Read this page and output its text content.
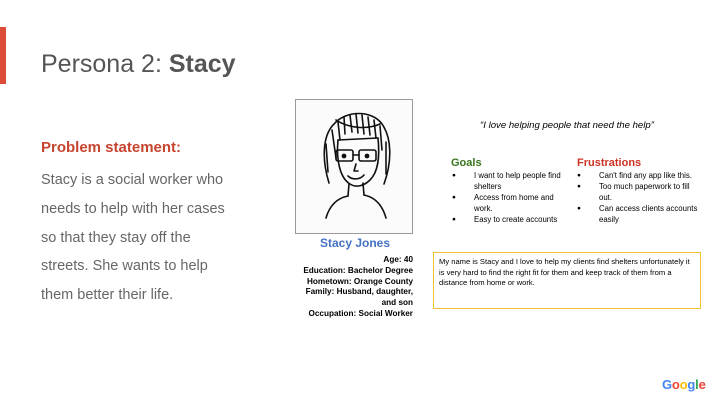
Persona 2: Stacy
Problem statement:
Stacy is a social worker who needs to help with her cases so that they stay off the streets. She wants to help them better their life.
Stacy Jones
Age: 40
Education: Bachelor Degree
Hometown: Orange County
Family: Husband, daughter,
and son
Occupation: Social Worker
“I love helping people that need the help”
Goals
● I want to help people find shelters
● Access from home and work.
● Easy to create accounts
Frustrations
● Can't find any app like this.
● Too much paperwork to fill out.
● Can access clients accounts easily
My name is Stacy and I love to help my clients find shelters unfortunately it is very hard to find the right fit for them and keep track of them from a distance from home or work.
Google
